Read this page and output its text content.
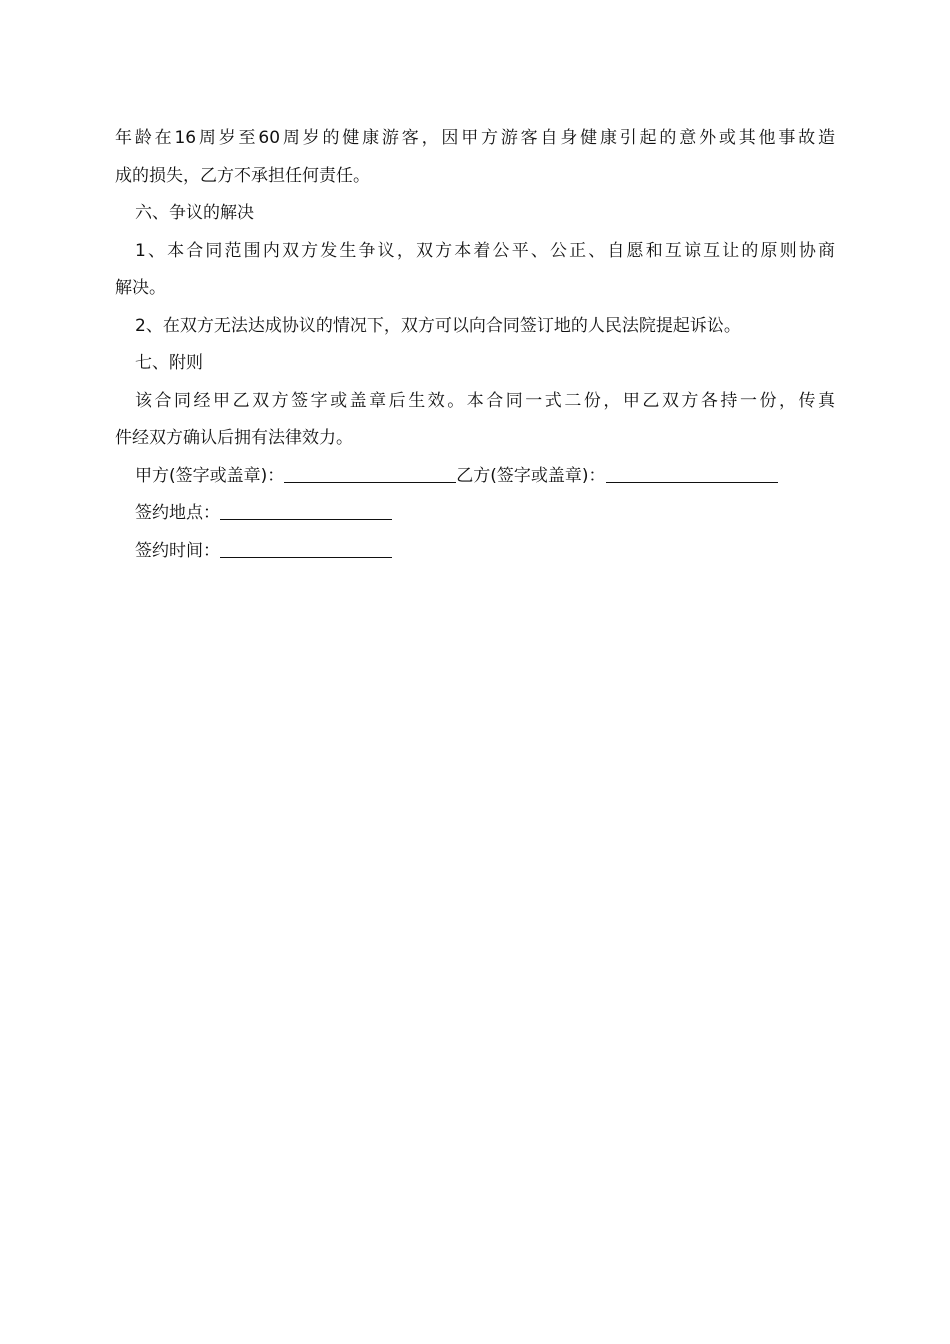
年龄在16周岁至60周岁的健康游客，因甲方游客自身健康引起的意外或其他事故造
成的损失，乙方不承担任何责任。
六、争议的解决
1、本合同范围内双方发生争议，双方本着公平、公正、自愿和互谅互让的原则协商
解决。
2、在双方无法达成协议的情况下，双方可以向合同签订地的人民法院提起诉讼。
七、附则
该合同经甲乙双方签字或盖章后生效。本合同一式二份，甲乙双方各持一份，传真
件经双方确认后拥有法律效力。
甲方(签字或盖章)：	乙方(签字或盖章)：
签约地点：
签约时间：
